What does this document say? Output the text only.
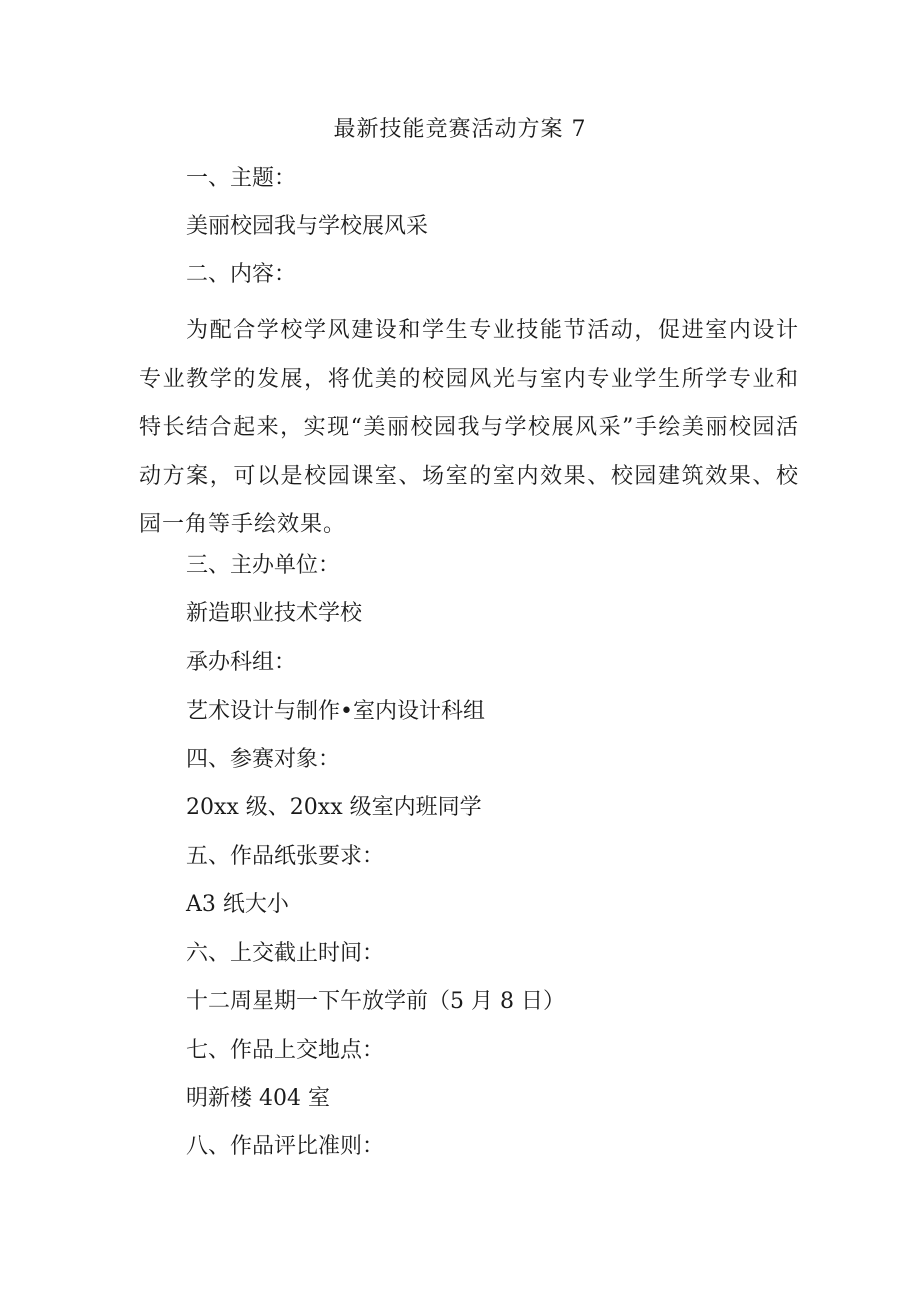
最新技能竞赛活动方案 7
一、主题：
美丽校园我与学校展风采
二、内容：
为配合学校学风建设和学生专业技能节活动，促进室内设计专业教学的发展，将优美的校园风光与室内专业学生所学专业和特长结合起来，实现“美丽校园我与学校展风采”手绘美丽校园活动方案，可以是校园课室、场室的室内效果、校园建筑效果、校园一角等手绘效果。
三、主办单位：
新造职业技术学校
承办科组：
艺术设计与制作•室内设计科组
四、参赛对象：
20xx 级、20xx 级室内班同学
五、作品纸张要求：
A3 纸大小
六、上交截止时间：
十二周星期一下午放学前（5 月 8 日）
七、作品上交地点：
明新楼 404 室
八、作品评比准则：
